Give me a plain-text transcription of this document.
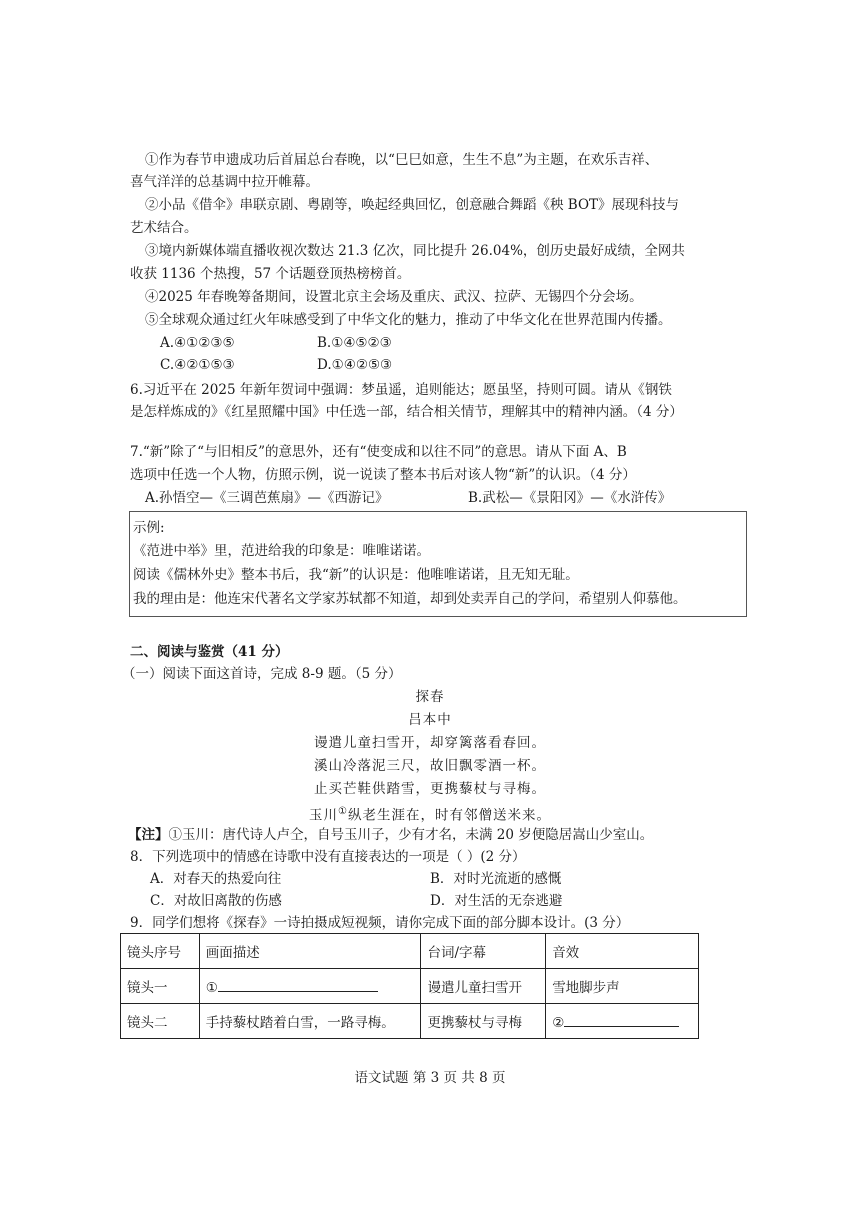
①作为春节申遗成功后首届总台春晚，以“巳巳如意，生生不息”为主题，在欢乐吉祥、
喜气洋洋的总基调中拉开帷幕。
②小品《借伞》串联京剧、粤剧等，唤起经典回忆，创意融合舞蹈《秧 BOT》展现科技与
艺术结合。
③境内新媒体端直播收视次数达 21.3 亿次，同比提升 26.04%，创历史最好成绩，全网共
收获 1136 个热搜，57 个话题登顶热榜榜首。
④2025 年春晚筹备期间，设置北京主会场及重庆、武汉、拉萨、无锡四个分会场。
⑤全球观众通过红火年味感受到了中华文化的魅力，推动了中华文化在世界范围内传播。
A.④①②③⑤	B.①④⑤②③
C.④②①⑤③	D.①④②⑤③
6.习近平在 2025 年新年贺词中强调：梦虽遥，追则能达；愿虽坚，持则可圆。请从《钢铁
是怎样炼成的》《红星照耀中国》中任选一部，结合相关情节，理解其中的精神内涵。（4 分）
7.“新”除了“与旧相反”的意思外，还有“使变成和以往不同”的意思。请从下面 A、B
选项中任选一个人物，仿照示例，说一说读了整本书后对该人物“新”的认识。（4 分）
A.孙悟空—《三调芭蕉扇》—《西游记》	B.武松—《景阳冈》—《水浒传》
示例:
《范进中举》里，范进给我的印象是：唯唯诺诺。
阅读《儒林外史》整本书后，我“新”的认识是：他唯唯诺诺，且无知无耻。
我的理由是：他连宋代著名文学家苏轼都不知道，却到处卖弄自己的学问，希望别人仰慕他。
二、阅读与鉴赏（41 分）
（一）阅读下面这首诗，完成 8-9 题。（5 分）
探春
吕本中
谩遣儿童扫雪开，却穿篱落看春回。
溪山冷落泥三尺，故旧飘零酒一杯。
止买芒鞋供踏雪，更携藜杖与寻梅。
玉川①纵老生涯在，时有邻僧送米来。
【注】①玉川：唐代诗人卢仝，自号玉川子，少有才名，未满 20 岁便隐居嵩山少室山。
8．下列选项中的情感在诗歌中没有直接表达的一项是（ ）(2 分）
A．对春天的热爱向往	B．对时光流逝的感慨
C．对故旧离散的伤感	D．对生活的无奈逃避
9．同学们想将《探春》一诗拍摄成短视频，请你完成下面的部分脚本设计。(3 分）
镜头序号	画面描述	台词/字幕	音效
镜头一	①	谩遣儿童扫雪开	雪地脚步声
镜头二	手持藜杖踏着白雪，一路寻梅。	更携藜杖与寻梅	②
语文试题 第 3 页 共 8 页
